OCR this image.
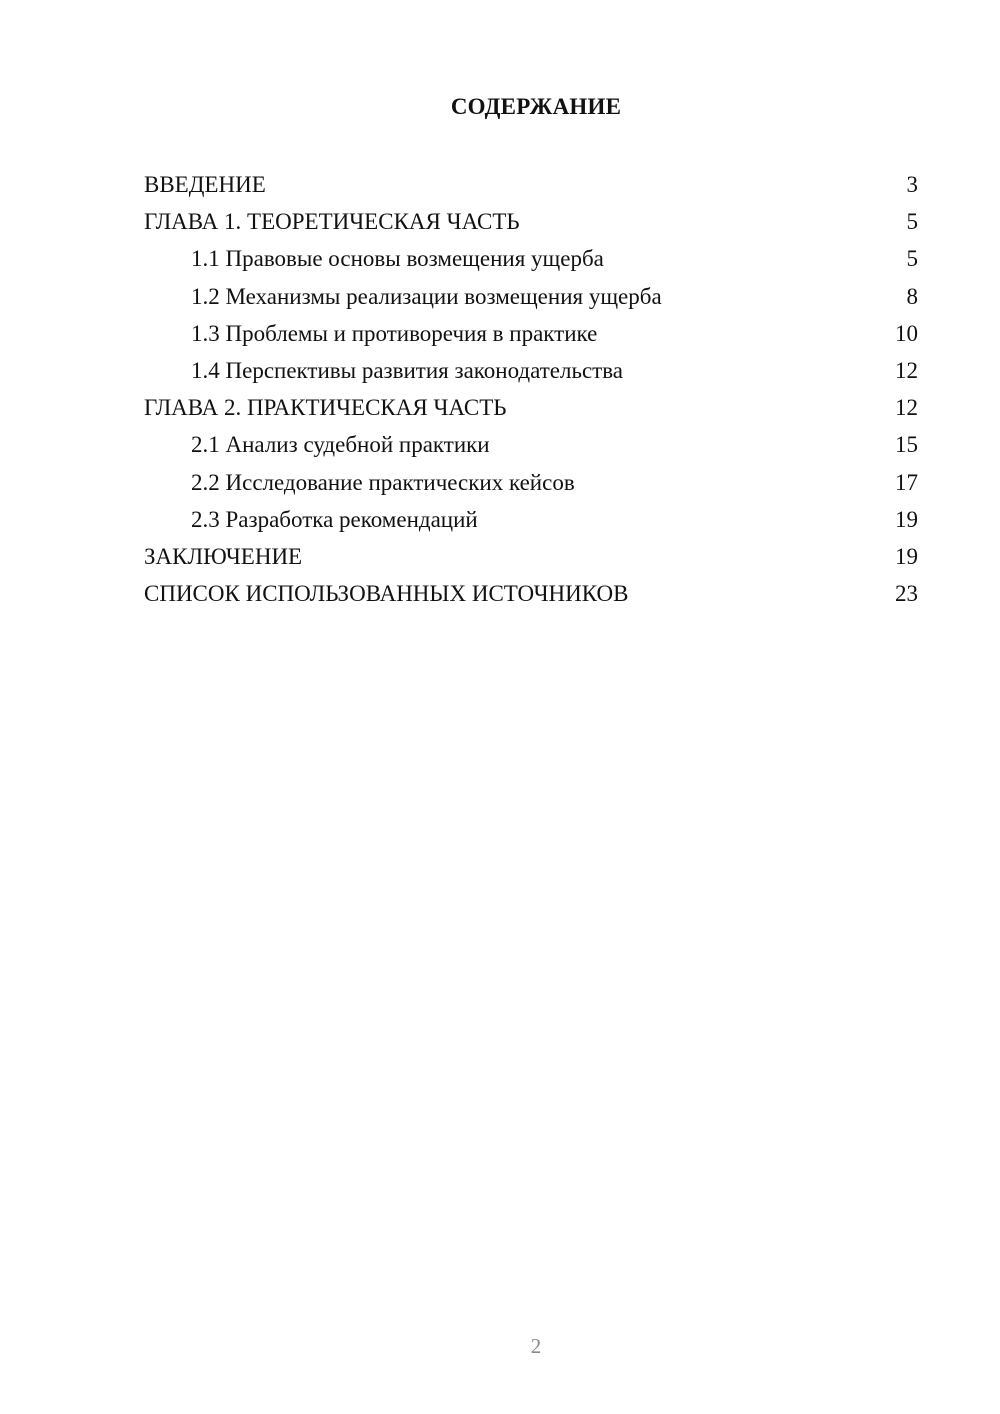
СОДЕРЖАНИЕ
ВВЕДЕНИЕ	3
ГЛАВА 1. ТЕОРЕТИЧЕСКАЯ ЧАСТЬ	5
1.1 Правовые основы возмещения ущерба	5
1.2 Механизмы реализации возмещения ущерба	8
1.3 Проблемы и противоречия в практике	10
1.4 Перспективы развития законодательства	12
ГЛАВА 2. ПРАКТИЧЕСКАЯ ЧАСТЬ	12
2.1 Анализ судебной практики	15
2.2 Исследование практических кейсов	17
2.3 Разработка рекомендаций	19
ЗАКЛЮЧЕНИЕ	19
СПИСОК ИСПОЛЬЗОВАННЫХ ИСТОЧНИКОВ	23
2
